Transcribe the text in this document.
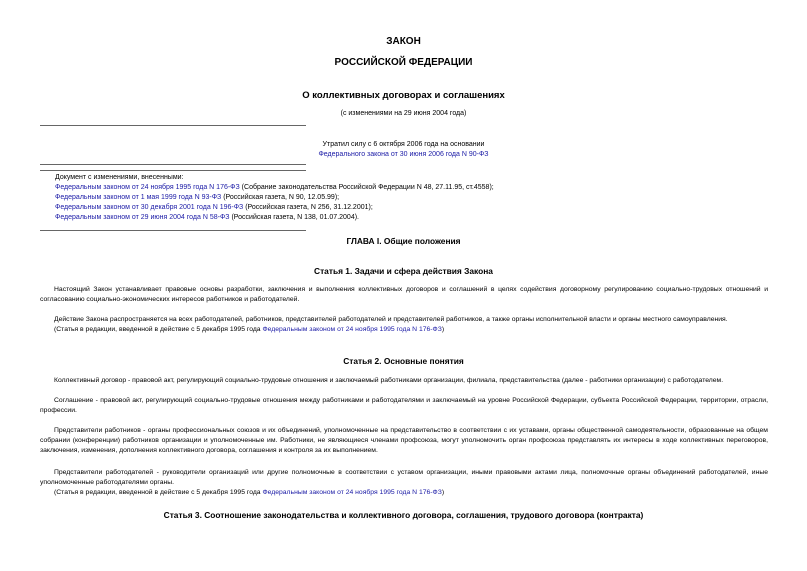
ЗАКОН
РОССИЙСКОЙ ФЕДЕРАЦИИ
О коллективных договорах и соглашениях
(с изменениями на 29 июня 2004 года)
Утратил силу с 6 октября 2006 года на основании
Федерального закона от 30 июня 2006 года N 90-ФЗ
Документ с изменениями, внесенными:
Федеральным законом от 24 ноября 1995 года N 176-ФЗ (Собрание законодательства Российской Федерации N 48, 27.11.95, ст.4558);
Федеральным законом от 1 мая 1999 года N 93-ФЗ (Российская газета, N 90, 12.05.99);
Федеральным законом от 30 декабря 2001 года N 196-ФЗ (Российская газета, N 256, 31.12.2001);
Федеральным законом от 29 июня 2004 года N 58-ФЗ (Российская газета, N 138, 01.07.2004).
ГЛАВА I. Общие положения
Статья 1. Задачи и сфера действия Закона
Настоящий Закон устанавливает правовые основы разработки, заключения и выполнения коллективных договоров и соглашений в целях содействия договорному регулированию социально-трудовых отношений и согласованию социально-экономических интересов работников и работодателей.
Действие Закона распространяется на всех работодателей, работников, представителей работодателей и представителей работников, а также органы исполнительной власти и органы местного самоуправления.
(Статья в редакции, введенной в действие с 5 декабря 1995 года Федеральным законом от 24 ноября 1995 года N 176-ФЗ)
Статья 2. Основные понятия
Коллективный договор - правовой акт, регулирующий социально-трудовые отношения и заключаемый работниками организации, филиала, представительства (далее - работники организации) с работодателем.
Соглашение - правовой акт, регулирующий социально-трудовые отношения между работниками и работодателями и заключаемый на уровне Российской Федерации, субъекта Российской Федерации, территории, отрасли, профессии.
Представители работников - органы профессиональных союзов и их объединений, уполномоченные на представительство в соответствии с их уставами, органы общественной самодеятельности, образованные на общем собрании (конференции) работников организации и уполномоченные им. Работники, не являющиеся членами профсоюза, могут уполномочить орган профсоюза представлять их интересы в ходе коллективных переговоров, заключения, изменения, дополнения коллективного договора, соглашения и контроля за их выполнением.
Представители работодателей - руководители организаций или другие полномочные в соответствии с уставом организации, иными правовыми актами лица, полномочные органы объединений работодателей, иные уполномоченные работодателями органы.
(Статья в редакции, введенной в действие с 5 декабря 1995 года Федеральным законом от 24 ноября 1995 года N 176-ФЗ)
Статья 3. Соотношение законодательства и коллективного договора, соглашения, трудового договора (контракта)
